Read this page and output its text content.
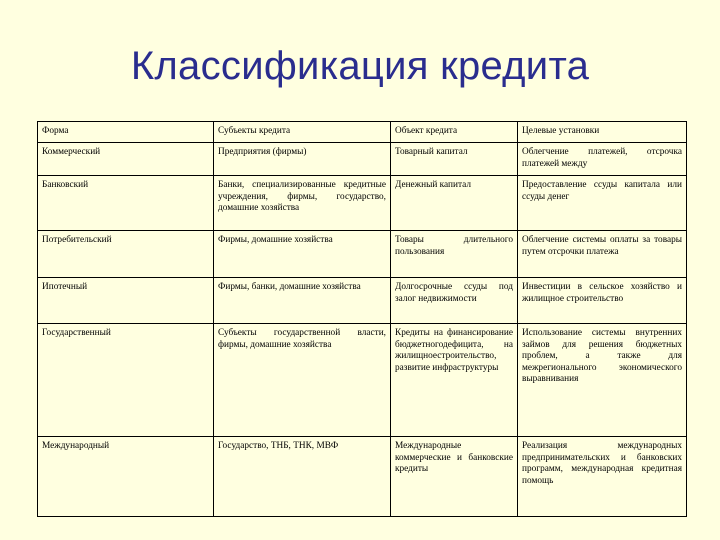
Классификация кредита
Форма	Субъекты кредита	Объект кредита	Целевые установки
Коммерческий	Предприятия (фирмы)	Товарный капитал	Облегчение платежей, отсрочка платежей между
Банковский	Банки, специализированные кредитные учреждения, фирмы, государство, домашние хозяйства	Денежный капитал	Предоставление ссуды капитала или ссуды денег
Потребительский	Фирмы, домашние хозяйства	Товары длительного пользования	Облегчение системы оплаты за товары путем отсрочки платежа
Ипотечный	Фирмы, банки, домашние хозяйства	Долгосрочные ссуды под залог недвижимости	Инвестиции в сельское хозяйство и жилищное строительство
Государственный	Субъекты государственной власти, фирмы, домашние хозяйства	Кредиты на финансирование бюджетногодефицита, на жилищноестроительство, развитие инфраструктуры	Использование системы внутренних займов для решения бюджетных проблем, а также для межрегионального экономического выравнивания
Международный	Государство, ТНБ, ТНК, МВФ	Международные коммерческие и банковские кредиты	Реализация международных предпринимательских и банковских программ, международная кредитная помощь
